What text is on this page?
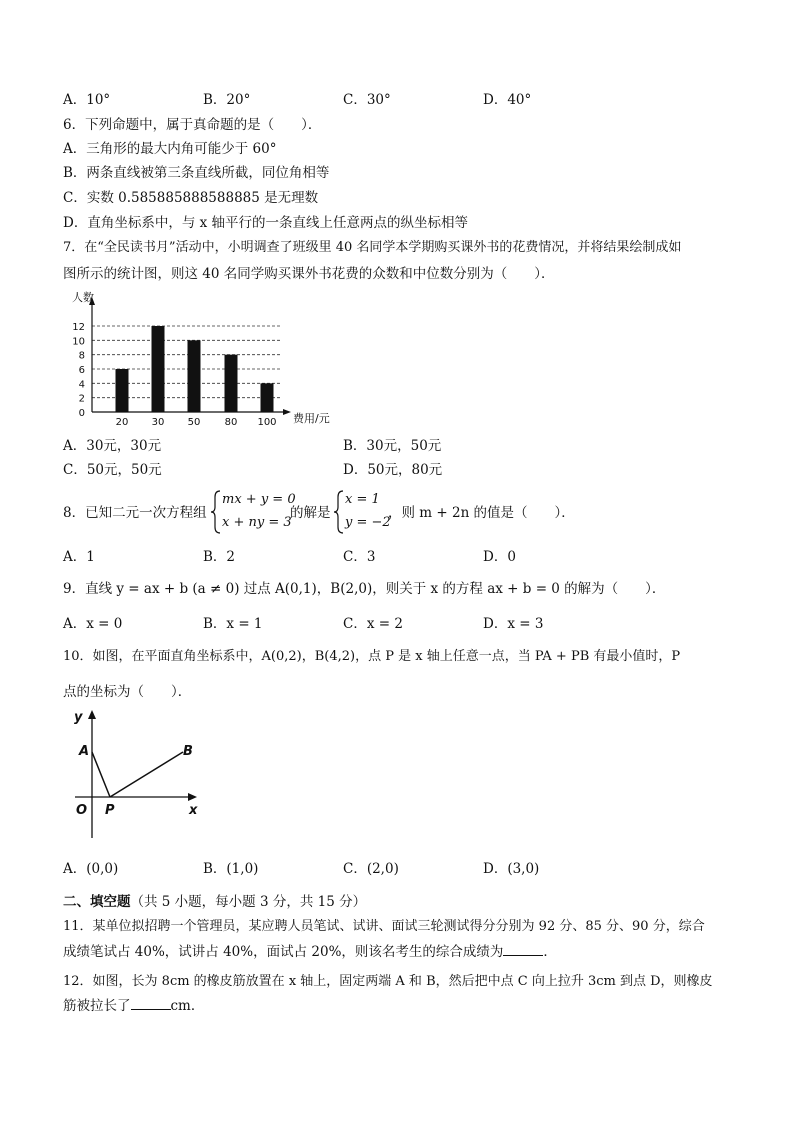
A．10°	B．20°	C．30°	D．40°
6．下列命题中，属于真命题的是（　　）．
A．三角形的最大内角可能少于 60°
B．两条直线被第三条直线所截，同位角相等
C．实数 0.585885888588885 是无理数
D．直角坐标系中，与 x 轴平行的一条直线上任意两点的纵坐标相等
7．在“全民读书月”活动中，小明调查了班级里 40 名同学本学期购买课外书的花费情况，并将结果绘制成如
图所示的统计图，则这 40 名同学购买课外书花费的众数和中位数分别为（　　）．
0
2
4
6
8
10
12
20 30 50 80 100
人数
费用/元
A．30元，30元	B．30元，50元
C．50元，50元	D．50元，80元
8．已知二元一次方程组
mx + y = 0
x + ny = 3
的解是
x = 1
y = −2
，则 m + 2n 的值是（　　）．
A．1	B．2	C．3	D．0
9．直线 y = ax + b (a ≠ 0) 过点 A(0,1)，B(2,0)，则关于 x 的方程 ax + b = 0 的解为（　　）．
A．x = 0	B．x = 1	C．x = 2	D．x = 3
10．如图，在平面直角坐标系中，A(0,2)，B(4,2)，点 P 是 x 轴上任意一点，当 PA + PB 有最小值时，P
点的坐标为（　　）．
y
A	B
O P	x
A．(0,0)	B．(1,0)	C．(2,0)	D．(3,0)
二、填空题（共 5 小题，每小题 3 分，共 15 分）
11．某单位拟招聘一个管理员，某应聘人员笔试、试讲、面试三轮测试得分分别为 92 分、85 分、90 分，综合
成绩笔试占 40%，试讲占 40%，面试占 20%，则该名考生的综合成绩为	．
12．如图，长为 8cm 的橡皮筋放置在 x 轴上，固定两端 A 和 B，然后把中点 C 向上拉升 3cm 到点 D，则橡皮
筋被拉长了	cm．
